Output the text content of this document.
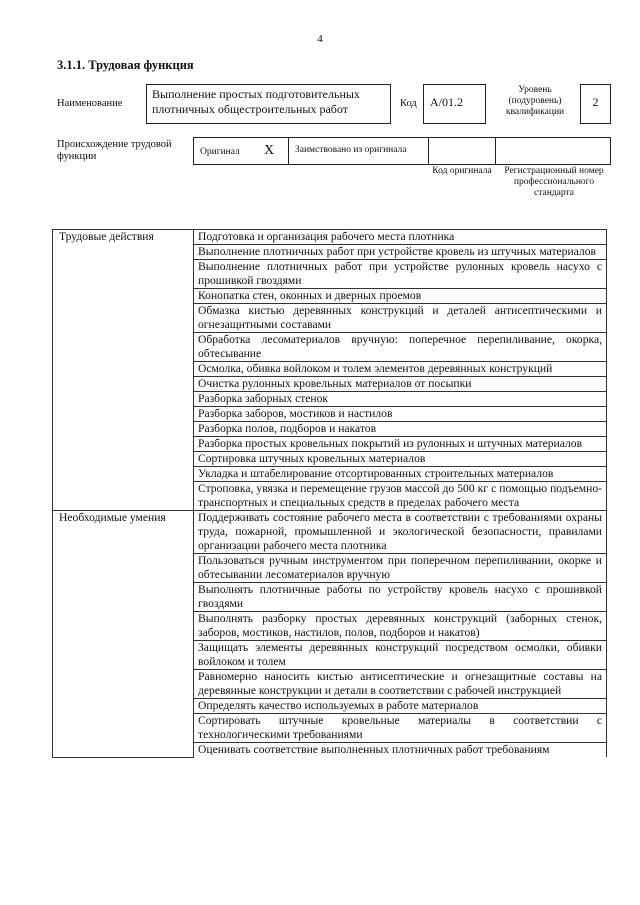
4
3.1.1. Трудовая функция
Наименование
Выполнение простых подготовительных плотничных общестроительных работ	Код	А/01.2
Уровень (подуровень) квалификации
2
Происхождение трудовой функции	Оригинал X	Заимствовано из оригинала
Код оригинала	Регистрационный номер профессионального стандарта
Трудовые действия	Подготовка и организация рабочего места плотника
	Выполнение плотничных работ при устройстве кровель из штучных материалов
	Выполнение плотничных работ при устройстве рулонных кровель насухо с прошивкой гвоздями
	Конопатка стен, оконных и дверных проемов
	Обмазка кистью деревянных конструкций и деталей антисептическими и огнезащитными составами
	Обработка лесоматериалов вручную: поперечное перепиливание, окорка, обтесывание
	Осмолка, обивка войлоком и толем элементов деревянных конструкций
	Очистка рулонных кровельных материалов от посыпки
	Разборка заборных стенок
	Разборка заборов, мостиков и настилов
	Разборка полов, подборов и накатов
	Разборка простых кровельных покрытий из рулонных и штучных материалов
	Сортировка штучных кровельных материалов
	Укладка и штабелирование отсортированных строительных материалов
	Строповка, увязка и перемещение грузов массой до 500 кг с помощью подъемно-транспортных и специальных средств в пределах рабочего места
Необходимые умения	Поддерживать состояние рабочего места в соответствии с требованиями охраны труда, пожарной, промышленной и экологической безопасности, правилами организации рабочего места плотника
	Пользоваться ручным инструментом при поперечном перепиливании, окорке и обтесывании лесоматериалов вручную
	Выполнять плотничные работы по устройству кровель насухо с прошивкой гвоздями
	Выполнять разборку простых деревянных конструкций (заборных стенок, заборов, мостиков, настилов, полов, подборов и накатов)
	Защищать элементы деревянных конструкций посредством осмолки, обивки войлоком и толем
	Равномерно наносить кистью антисептические и огнезащитные составы на деревянные конструкции и детали в соответствии с рабочей инструкцией
	Определять качество используемых в работе материалов
	Сортировать штучные кровельные материалы в соответствии с технологическими требованиями

	Оценивать соответствие выполненных плотничных работ требованиям
